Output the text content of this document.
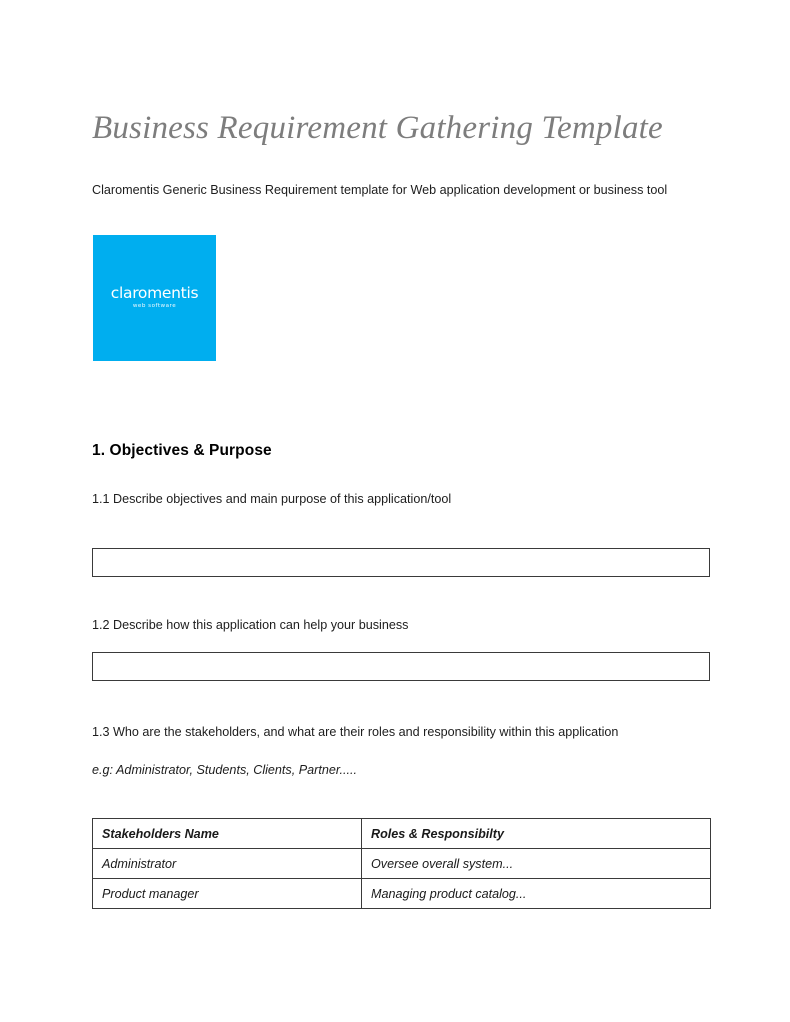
Business Requirement Gathering Template
Claromentis Generic Business Requirement template for Web application development or business tool
claromentis
web software
1. Objectives & Purpose
1.1 Describe objectives and main purpose of this application/tool
1.2 Describe how this application can help your business
1.3 Who are the stakeholders, and what are their roles and responsibility within this application
e.g: Administrator, Students, Clients, Partner.....
Stakeholders Name	Roles & Responsibilty
Administrator	Oversee overall system...
Product manager	Managing product catalog...
